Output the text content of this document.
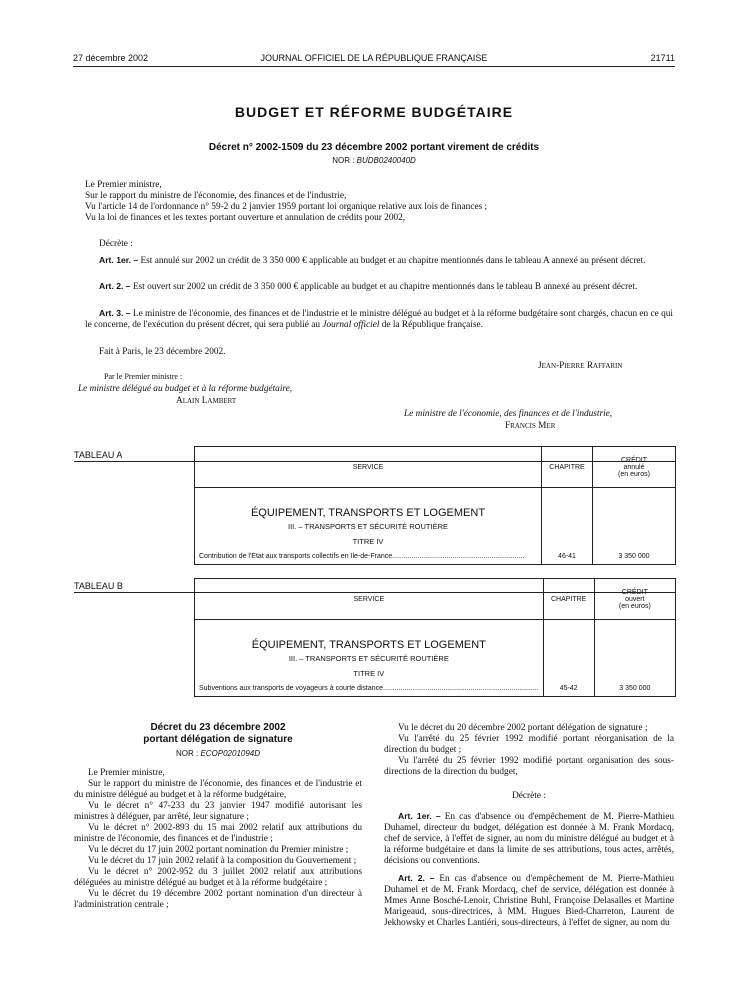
27 décembre 2002	JOURNAL OFFICIEL DE LA RÉPUBLIQUE FRANÇAISE	21711
BUDGET ET RÉFORME BUDGÉTAIRE
Décret n° 2002-1509 du 23 décembre 2002 portant virement de crédits
NOR : BUDB0240040D
Le Premier ministre,
Sur le rapport du ministre de l'économie, des finances et de l'industrie,
Vu l'article 14 de l'ordonnance n° 59-2 du 2 janvier 1959 portant loi organique relative aux lois de finances ;
Vu la loi de finances et les textes portant ouverture et annulation de crédits pour 2002,
Décrète :
Art. 1er. – Est annulé sur 2002 un crédit de 3 350 000 € applicable au budget et au chapitre mentionnés dans le tableau A annexé au présent décret.
Art. 2. – Est ouvert sur 2002 un crédit de 3 350 000 € applicable au budget et au chapitre mentionnés dans le tableau B annexé au présent décret.
Art. 3. – Le ministre de l'économie, des finances et de l'industrie et le ministre délégué au budget et à la réforme budgétaire sont chargés, chacun en ce qui le concerne, de l'exécution du présent décret, qui sera publié au Journal officiel de la République française.
Fait à Paris, le 23 décembre 2002.
Jean-Pierre Raffarin
Par le Premier ministre :
Le ministre délégué au budget et à la réforme budgétaire,
Alain Lambert
Le ministre de l'économie, des finances et de l'industrie,
Francis Mer
TABLEAU A
SERVICE	CHAPITRE	CRÉDIT
annulé
(en euros)

ÉQUIPEMENT, TRANSPORTS ET LOGEMENT
III. – TRANSPORTS ET SÉCURITÉ ROUTIÈRE
TITRE IV
Contribution de l'Etat aux transports collectifs en Ile-de-France....................................................................	46-41	3 350 000
TABLEAU B
SERVICE	CHAPITRE	CRÉDIT
ouvert
(en euros)

ÉQUIPEMENT, TRANSPORTS ET LOGEMENT
III. – TRANSPORTS ET SÉCURITÉ ROUTIÈRE
TITRE IV
Subventions aux transports de voyageurs à courte distance................................................................................	45-42	3 350 000
Décret du 23 décembre 2002
portant délégation de signature
NOR : ECOP0201094D
Le Premier ministre,
Sur le rapport du ministre de l'économie, des finances et de l'industrie et du ministre délégué au budget et à la réforme budgétaire,
Vu le décret n° 47-233 du 23 janvier 1947 modifié autorisant les ministres à déléguer, par arrêté, leur signature ;
Vu le décret n° 2002-893 du 15 mai 2002 relatif aux attributions du ministre de l'économie, des finances et de l'industrie ;
Vu le décret du 17 juin 2002 portant nomination du Premier ministre ;
Vu le décret du 17 juin 2002 relatif à la composition du Gouvernement ;
Vu le décret n° 2002-952 du 3 juillet 2002 relatif aux attributions déléguées au ministre délégué au budget et à la réforme budgétaire ;
Vu le décret du 19 décembre 2002 portant nomination d'un directeur à l'administration centrale ;
Vu le décret du 20 décembre 2002 portant délégation de signature ;
Vu l'arrêté du 25 février 1992 modifié portant réorganisation de la direction du budget ;
Vu l'arrêté du 25 février 1992 modifié portant organisation des sous-directions de la direction du budget,
Décrète :
Art. 1er. – En cas d'absence ou d'empêchement de M. Pierre-Mathieu Duhamel, directeur du budget, délégation est donnée à M. Frank Mordacq, chef de service, à l'effet de signer, au nom du ministre délégué au budget et à la réforme budgétaire et dans la limite de ses attributions, tous actes, arrêtés, décisions ou conventions.
Art. 2. – En cas d'absence ou d'empêchement de M. Pierre-Mathieu Duhamel et de M. Frank Mordacq, chef de service, délégation est donnée à Mmes Anne Bosché-Lenoir, Christine Buhl, Françoise Delasalles et Martine Marigeaud, sous-directrices, à MM. Hugues Bied-Charreton, Laurent de Jekhowsky et Charles Lantiéri, sous-directeurs, à l'effet de signer, au nom du
